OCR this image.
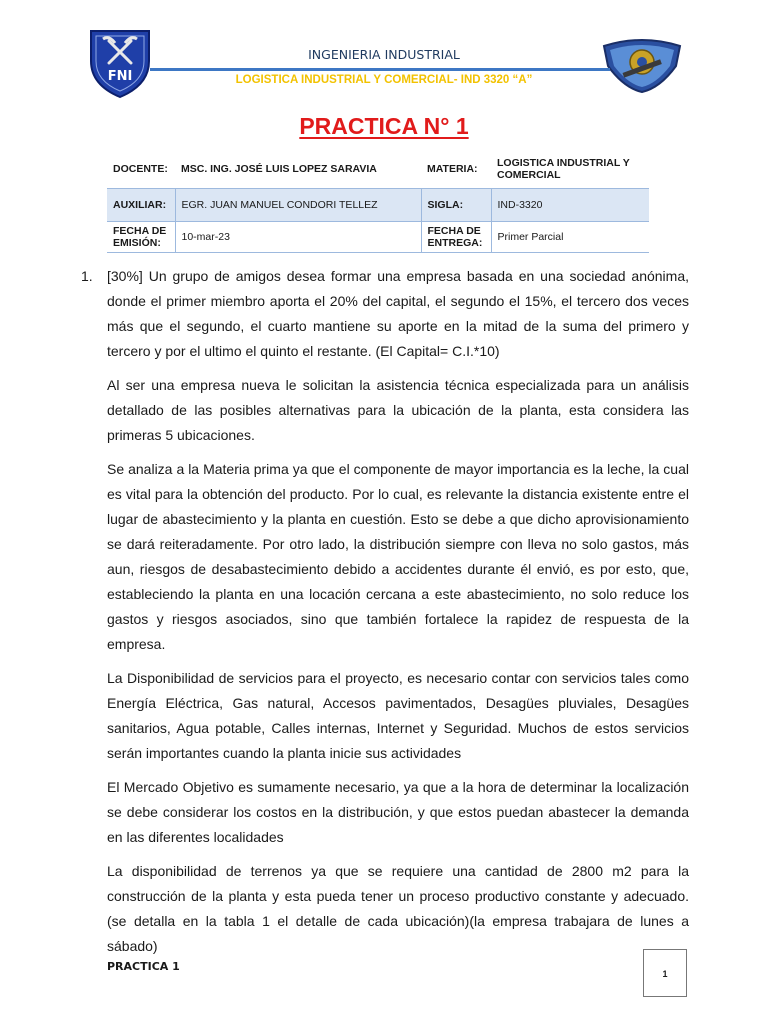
FNI
INGENIERIA INDUSTRIAL
LOGISTICA INDUSTRIAL Y COMERCIAL- IND 3320 “A”
PRACTICA N° 1
DOCENTE:	MSC. ING. JOSÉ LUIS LOPEZ SARAVIA	MATERIA:	LOGISTICA INDUSTRIAL Y COMERCIAL
AUXILIAR:	EGR. JUAN MANUEL CONDORI TELLEZ	SIGLA:	IND-3320
FECHA DE EMISIÓN:	10-mar-23	FECHA DE ENTREGA:	Primer Parcial
1. [30%] Un grupo de amigos desea formar una empresa basada en una sociedad anónima, donde el primer miembro aporta el 20% del capital, el segundo el 15%, el tercero dos veces más que el segundo, el cuarto mantiene su aporte en la mitad de la suma del primero y tercero y por el ultimo el quinto el restante. (El Capital= C.I.*10)

Al ser una empresa nueva le solicitan la asistencia técnica especializada para un análisis detallado de las posibles alternativas para la ubicación de la planta, esta considera las primeras 5 ubicaciones.

Se analiza a la Materia prima ya que el componente de mayor importancia es la leche, la cual es vital para la obtención del producto. Por lo cual, es relevante la distancia existente entre el lugar de abastecimiento y la planta en cuestión. Esto se debe a que dicho aprovisionamiento se dará reiteradamente. Por otro lado, la distribución siempre con lleva no solo gastos, más aun, riesgos de desabastecimiento debido a accidentes durante él envió, es por esto, que, estableciendo la planta en una locación cercana a este abastecimiento, no solo reduce los gastos y riesgos asociados, sino que también fortalece la rapidez de respuesta de la empresa.

La Disponibilidad de servicios para el proyecto, es necesario contar con servicios tales como Energía Eléctrica, Gas natural, Accesos pavimentados, Desagües pluviales, Desagües sanitarios, Agua potable, Calles internas, Internet y Seguridad. Muchos de estos servicios serán importantes cuando la planta inicie sus actividades

El Mercado Objetivo es sumamente necesario, ya que a la hora de determinar la localización se debe considerar los costos en la distribución, y que estos puedan abastecer la demanda en las diferentes localidades

La disponibilidad de terrenos ya que se requiere una cantidad de 2800 m2 para la construcción de la planta y esta pueda tener un proceso productivo constante y adecuado. (se detalla en la tabla 1 el detalle de cada ubicación)(la empresa trabajara de lunes a sábado)

PRACTICA 1
1
